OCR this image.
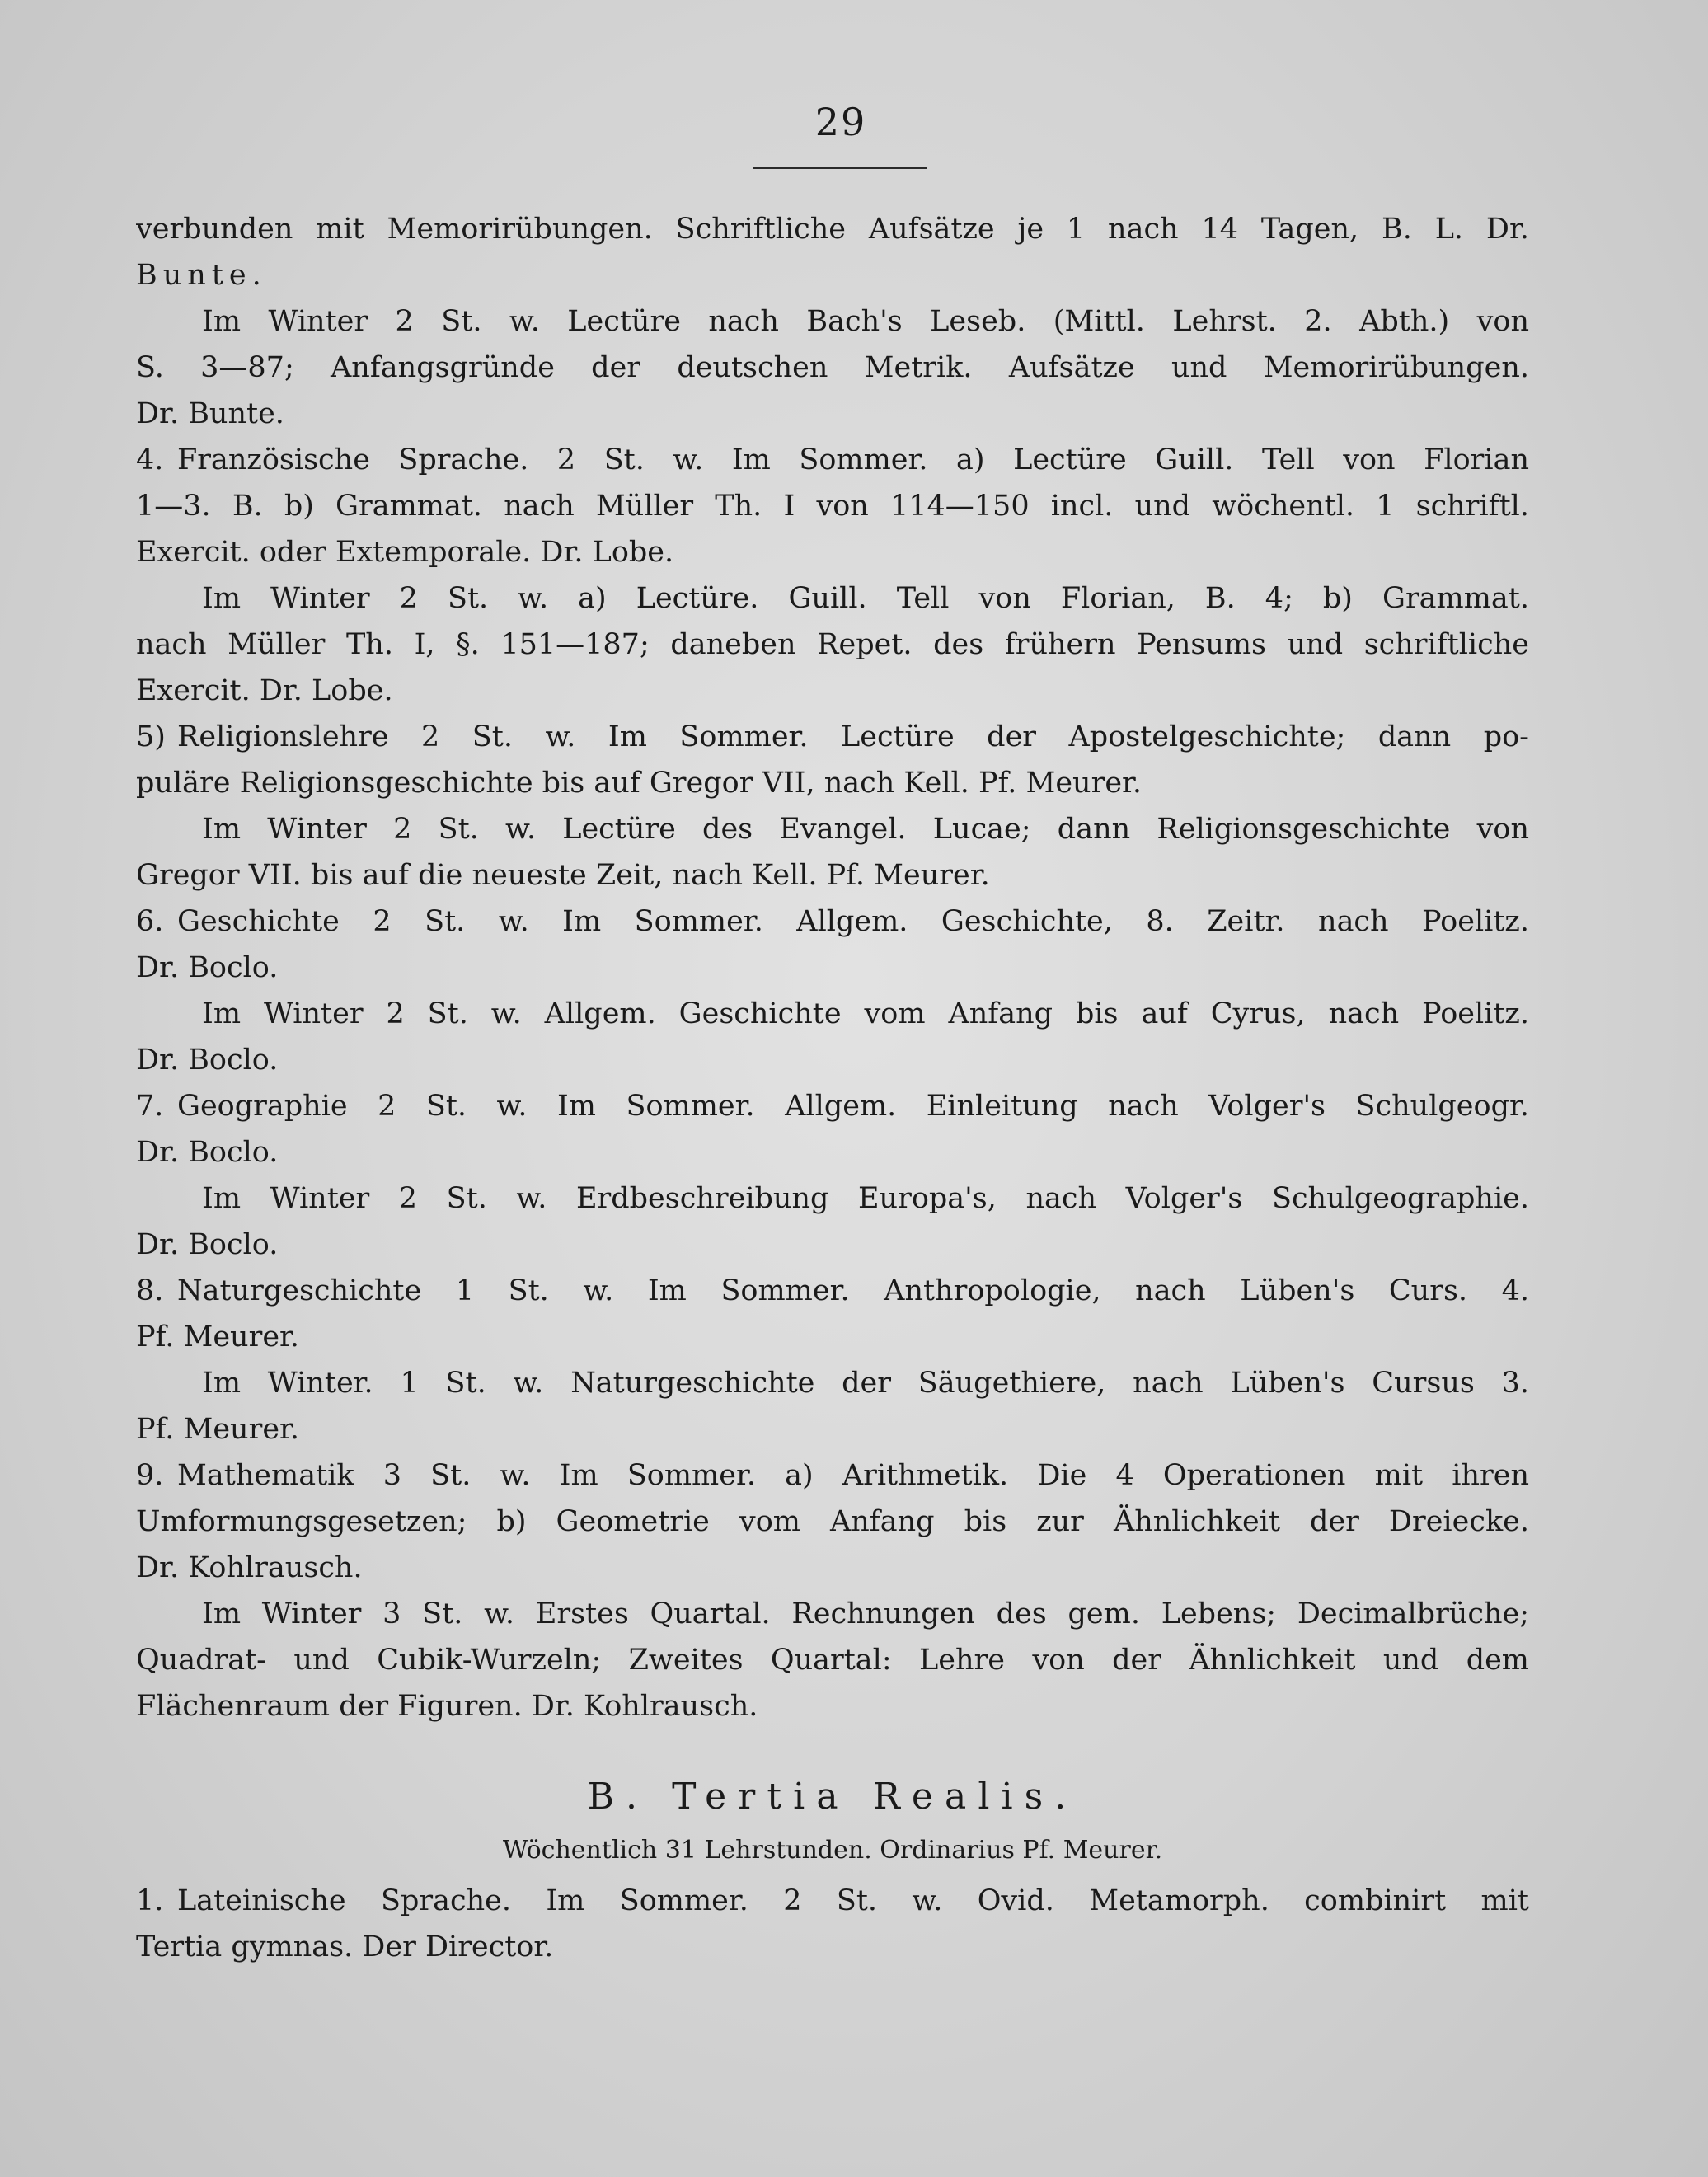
29
verbunden mit Memorirübungen. Schriftliche Aufsätze je 1 nach 14 Tagen, B. L. Dr.
Bunte.
Im Winter 2 St. w. Lectüre nach Bach's Leseb. (Mittl. Lehrst. 2. Abth.) von
S. 3—87; Anfangsgründe der deutschen Metrik. Aufsätze und Memorirübungen.
Dr. Bunte.
4. Französische Sprache. 2 St. w. Im Sommer. a) Lectüre Guill. Tell von Florian
1—3. B. b) Grammat. nach Müller Th. I von 114—150 incl. und wöchentl. 1 schriftl.
Exercit. oder Extemporale. Dr. Lobe.
Im Winter 2 St. w. a) Lectüre. Guill. Tell von Florian, B. 4; b) Grammat.
nach Müller Th. I, §. 151—187; daneben Repet. des frühern Pensums und schriftliche
Exercit. Dr. Lobe.
5) Religionslehre 2 St. w. Im Sommer. Lectüre der Apostelgeschichte; dann po-
puläre Religionsgeschichte bis auf Gregor VII, nach Kell. Pf. Meurer.
Im Winter 2 St. w. Lectüre des Evangel. Lucae; dann Religionsgeschichte von
Gregor VII. bis auf die neueste Zeit, nach Kell. Pf. Meurer.
6. Geschichte 2 St. w. Im Sommer. Allgem. Geschichte, 8. Zeitr. nach Poelitz.
Dr. Boclo.
Im Winter 2 St. w. Allgem. Geschichte vom Anfang bis auf Cyrus, nach Poelitz.
Dr. Boclo.
7. Geographie 2 St. w. Im Sommer. Allgem. Einleitung nach Volger's Schulgeogr.
Dr. Boclo.
Im Winter 2 St. w. Erdbeschreibung Europa's, nach Volger's Schulgeographie.
Dr. Boclo.
8. Naturgeschichte 1 St. w. Im Sommer. Anthropologie, nach Lüben's Curs. 4.
Pf. Meurer.
Im Winter. 1 St. w. Naturgeschichte der Säugethiere, nach Lüben's Cursus 3.
Pf. Meurer.
9. Mathematik 3 St. w. Im Sommer. a) Arithmetik. Die 4 Operationen mit ihren
Umformungsgesetzen; b) Geometrie vom Anfang bis zur Ähnlichkeit der Dreiecke.
Dr. Kohlrausch.
Im Winter 3 St. w. Erstes Quartal. Rechnungen des gem. Lebens; Decimalbrüche;
Quadrat- und Cubik-Wurzeln; Zweites Quartal: Lehre von der Ähnlichkeit und dem
Flächenraum der Figuren. Dr. Kohlrausch.
B. Tertia Realis.
Wöchentlich 31 Lehrstunden. Ordinarius Pf. Meurer.
1. Lateinische Sprache. Im Sommer. 2 St. w. Ovid. Metamorph. combinirt mit
Tertia gymnas. Der Director.
